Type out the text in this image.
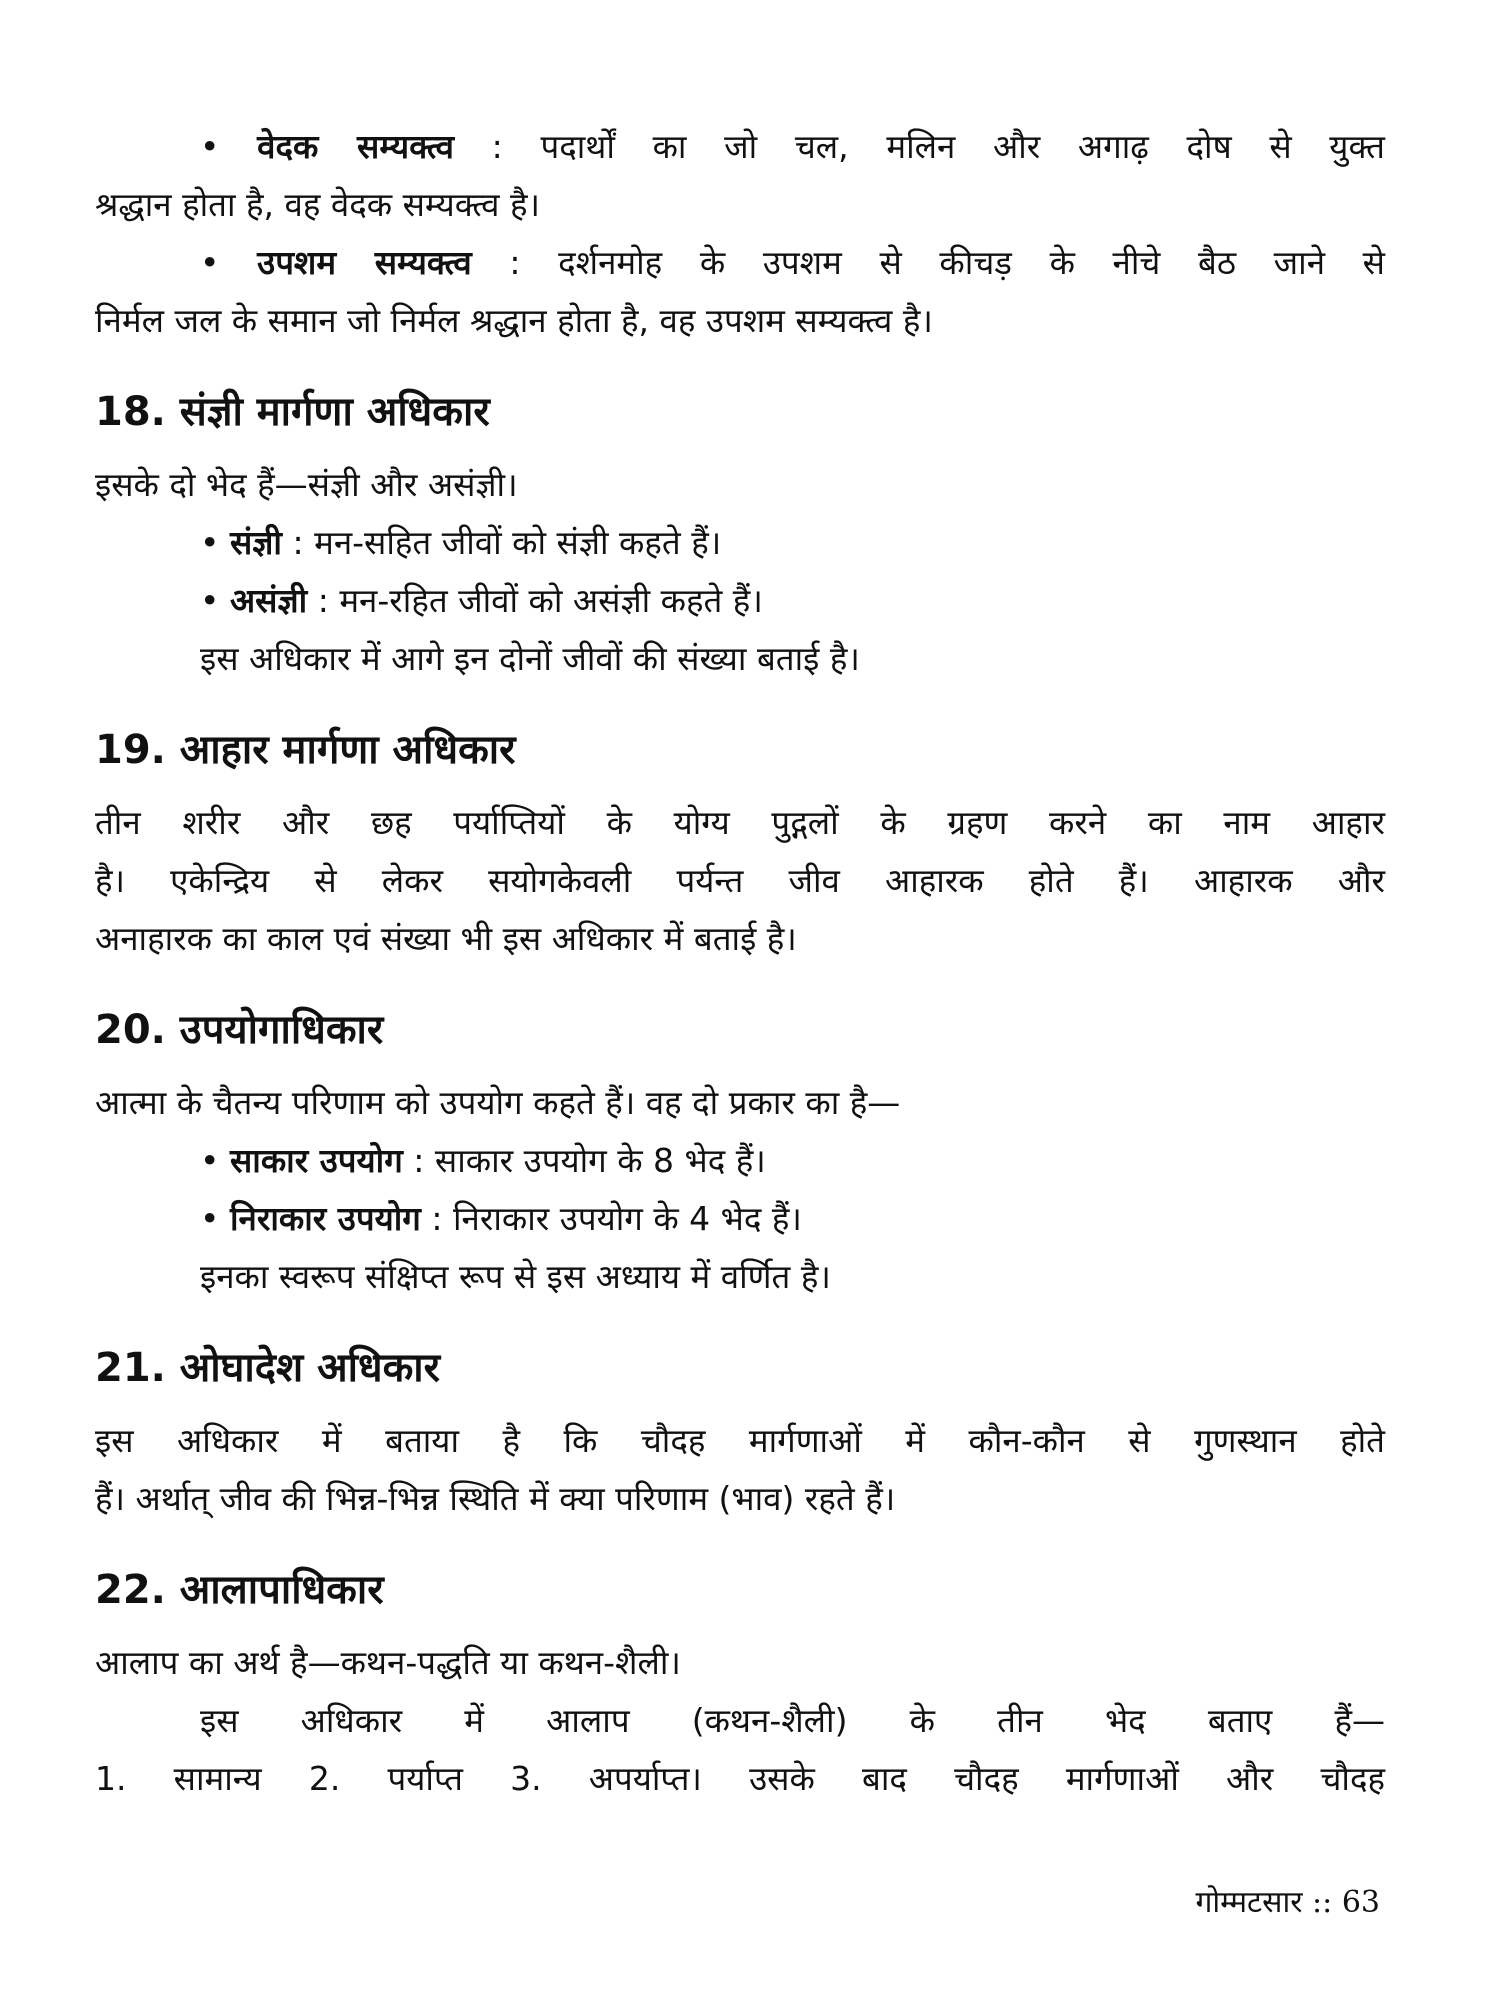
• वेदक सम्यक्त्व : पदार्थों का जो चल, मलिन और अगाढ़ दोष से युक्त
श्रद्धान होता है, वह वेदक सम्यक्त्व है।
• उपशम सम्यक्त्व : दर्शनमोह के उपशम से कीचड़ के नीचे बैठ जाने से
निर्मल जल के समान जो निर्मल श्रद्धान होता है, वह उपशम सम्यक्त्व है।
18. संज्ञी मार्गणा अधिकार
इसके दो भेद हैं—संज्ञी और असंज्ञी।
• संज्ञी : मन-सहित जीवों को संज्ञी कहते हैं।
• असंज्ञी : मन-रहित जीवों को असंज्ञी कहते हैं।
इस अधिकार में आगे इन दोनों जीवों की संख्या बताई है।
19. आहार मार्गणा अधिकार
तीन शरीर और छह पर्याप्तियों के योग्य पुद्गलों के ग्रहण करने का नाम आहार
है। एकेन्द्रिय से लेकर सयोगकेवली पर्यन्त जीव आहारक होते हैं। आहारक और
अनाहारक का काल एवं संख्या भी इस अधिकार में बताई है।
20. उपयोगाधिकार
आत्मा के चैतन्य परिणाम को उपयोग कहते हैं। वह दो प्रकार का है—
• साकार उपयोग : साकार उपयोग के 8 भेद हैं।
• निराकार उपयोग : निराकार उपयोग के 4 भेद हैं।
इनका स्वरूप संक्षिप्त रूप से इस अध्याय में वर्णित है।
21. ओघादेश अधिकार
इस अधिकार में बताया है कि चौदह मार्गणाओं में कौन-कौन से गुणस्थान होते
हैं। अर्थात् जीव की भिन्न-भिन्न स्थिति में क्या परिणाम (भाव) रहते हैं।
22. आलापाधिकार
आलाप का अर्थ है—कथन-पद्धति या कथन-शैली।
इस अधिकार में आलाप (कथन-शैली) के तीन भेद बताए हैं—
1. सामान्य 2. पर्याप्त 3. अपर्याप्त। उसके बाद चौदह मार्गणाओं और चौदह
गोम्मटसार :: 63
